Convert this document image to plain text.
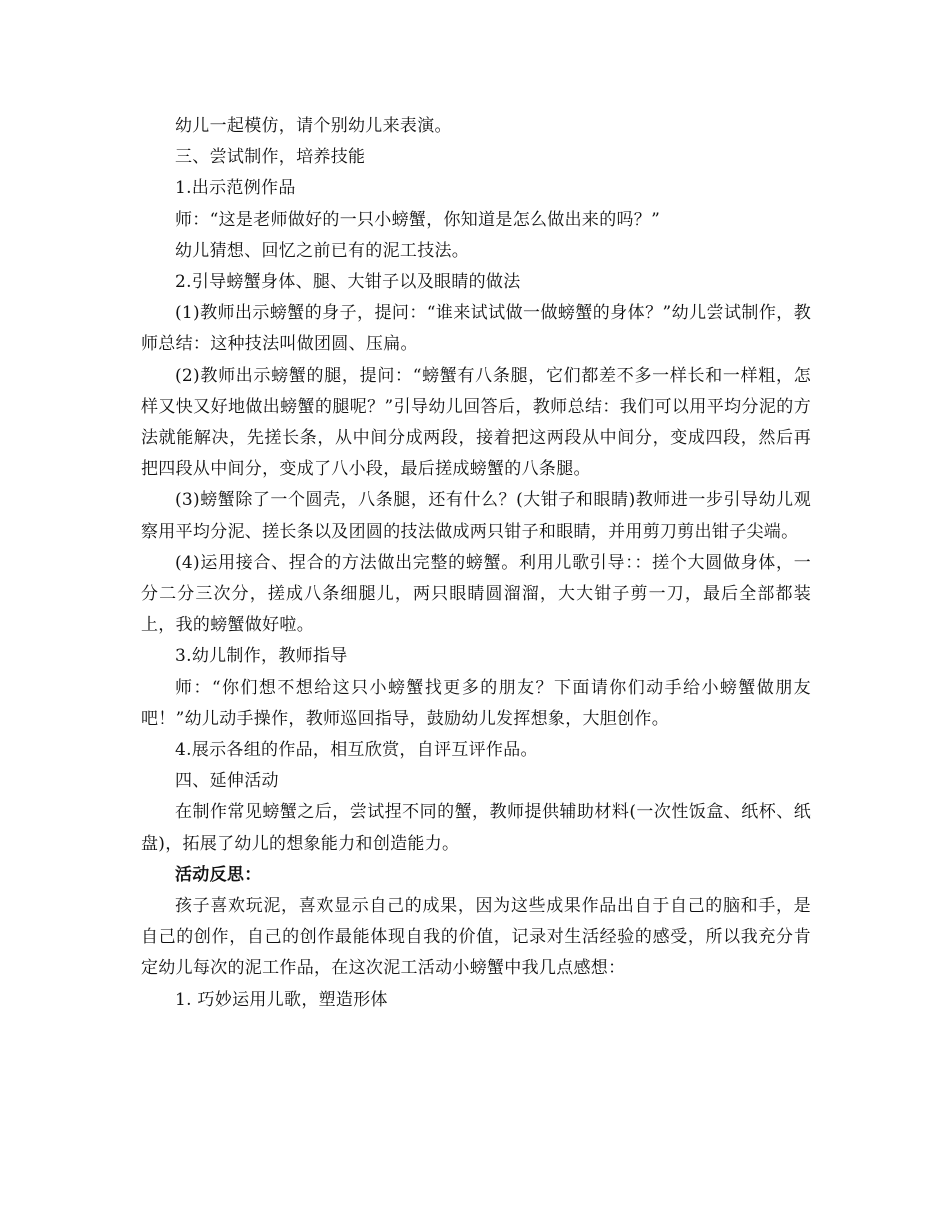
幼儿一起模仿，请个别幼儿来表演。

三、尝试制作，培养技能

1.出示范例作品

师：“这是老师做好的一只小螃蟹，你知道是怎么做出来的吗？”

幼儿猜想、回忆之前已有的泥工技法。

2.引导螃蟹身体、腿、大钳子以及眼睛的做法

(1)教师出示螃蟹的身子，提问：“谁来试试做一做螃蟹的身体？”幼儿尝试制作，教师总结：这种技法叫做团圆、压扁。

(2)教师出示螃蟹的腿，提问：“螃蟹有八条腿，它们都差不多一样长和一样粗，怎样又快又好地做出螃蟹的腿呢？”引导幼儿回答后，教师总结：我们可以用平均分泥的方法就能解决，先搓长条，从中间分成两段，接着把这两段从中间分，变成四段，然后再把四段从中间分，变成了八小段，最后搓成螃蟹的八条腿。

(3)螃蟹除了一个圆壳，八条腿，还有什么？(大钳子和眼睛)教师进一步引导幼儿观察用平均分泥、搓长条以及团圆的技法做成两只钳子和眼睛，并用剪刀剪出钳子尖端。

(4)运用接合、捏合的方法做出完整的螃蟹。利用儿歌引导：：搓个大圆做身体，一分二分三次分，搓成八条细腿儿，两只眼睛圆溜溜，大大钳子剪一刀，最后全部都装上，我的螃蟹做好啦。

3.幼儿制作，教师指导

师：“你们想不想给这只小螃蟹找更多的朋友？下面请你们动手给小螃蟹做朋友吧！”幼儿动手操作，教师巡回指导，鼓励幼儿发挥想象，大胆创作。

4.展示各组的作品，相互欣赏，自评互评作品。

四、延伸活动

在制作常见螃蟹之后，尝试捏不同的蟹，教师提供辅助材料(一次性饭盒、纸杯、纸盘)，拓展了幼儿的想象能力和创造能力。

活动反思：

孩子喜欢玩泥，喜欢显示自己的成果，因为这些成果作品出自于自己的脑和手，是自己的创作，自己的创作最能体现自我的价值，记录对生活经验的感受，所以我充分肯定幼儿每次的泥工作品，在这次泥工活动小螃蟹中我几点感想：

1. 巧妙运用儿歌，塑造形体
